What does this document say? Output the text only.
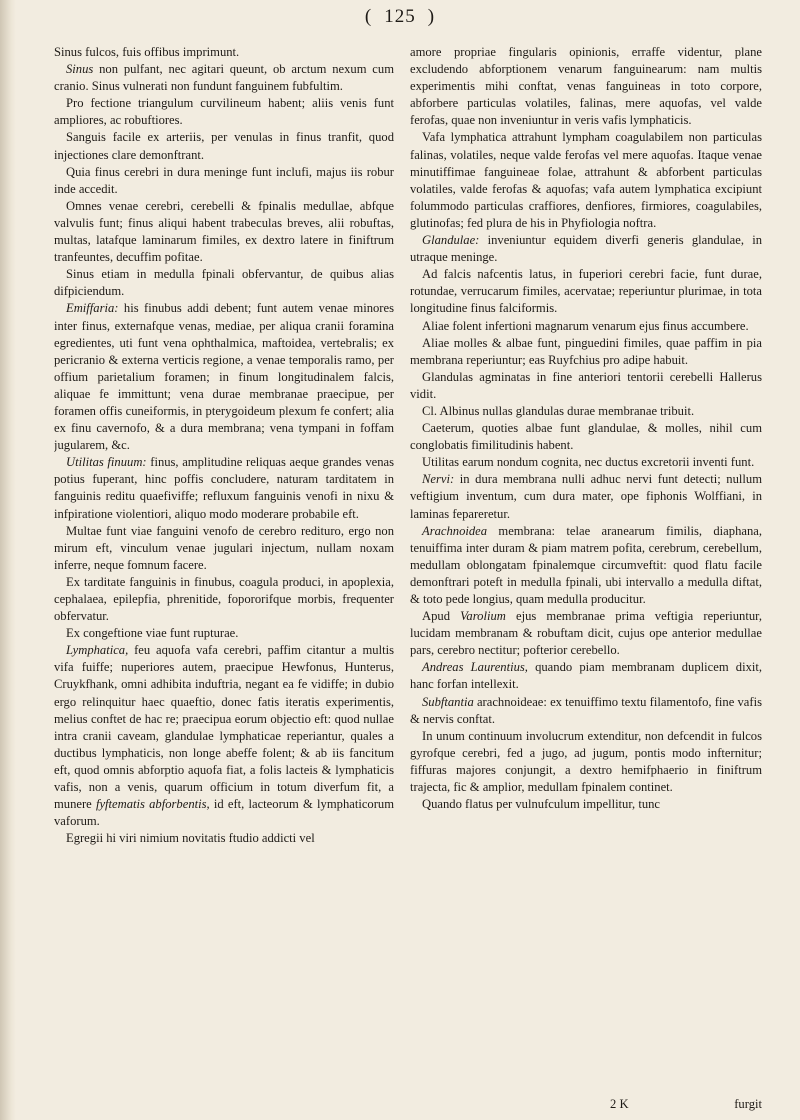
( 125 )

Sinus fulcos, fuis offibus imprimunt.

Sinus non pulfant, nec agitari queunt, ob arctum nexum cum cranio. Sinus vulnerati non fundunt fanguinem fubfultim.

Pro fectione triangulum curvilineum habent; aliis venis funt ampliores, ac robuftiores.

Sanguis facile ex arteriis, per venulas in finus tranfit, quod injectiones clare demonftrant.

Quia finus cerebri in dura meninge funt inclufi, majus iis robur inde accedit.

Omnes venae cerebri, cerebelli & fpinalis medullae, abfque valvulis funt; finus aliqui habent trabeculas breves, alii robuftas, multas, latafque laminarum fimiles, ex dextro latere in finiftrum tranfeuntes, decuffim pofitae.

Sinus etiam in medulla fpinali obfervantur, de quibus alias difpiciendum.

Emiffaria: his finubus addi debent; funt autem venae minores inter finus, externafque venas, mediae, per aliqua cranii foramina egredientes, uti funt vena ophthalmica, maftoidea, vertebralis; ex pericranio & externa verticis regione, a venae temporalis ramo, per offium parietalium foramen; in finum longitudinalem falcis, aliquae fe immittunt; vena durae membranae praecipue, per foramen offis cuneiformis, in pterygoideum plexum fe confert; alia ex finu cavernofo, & a dura membrana; vena tympani in foffam jugularem, &c.

Utilitas finuum: finus, amplitudine reliquas aeque grandes venas potius fuperant, hinc poffis concludere, naturam tarditatem in fanguinis reditu quaefiviffe; refluxum fanguinis venofi in nixu & infpiratione violentiori, aliquo modo moderare probabile eft.

Multae funt viae fanguini venofo de cerebro redituro, ergo non mirum eft, vinculum venae jugulari injectum, nullam noxam inferre, neque fomnum facere.

Ex tarditate fanguinis in finubus, coagula produci, in apoplexia, cephalaea, epilepfia, phrenitide, fopororifque morbis, frequenter obfervatur.

Ex congeftione viae funt rupturae.

Lymphatica, feu aquofa vafa cerebri, paffim citantur a multis vifa fuiffe; nuperiores autem, praecipue Hewfonus, Hunterus, Cruykfhank, omni adhibita induftria, negant ea fe vidiffe; in dubio ergo relinquitur haec quaeftio, donec fatis iteratis experimentis, melius conftet de hac re; praecipua eorum objectio eft: quod nullae intra cranii caveam, glandulae lymphaticae reperiantur, quales a ductibus lymphaticis, non longe abeffe folent; & ab iis fancitum eft, quod omnis abforptio aquofa fiat, a folis lacteis & lymphaticis vafis, non a venis, quarum officium in totum diverfum fit, a munere fyftematis abforbentis, id eft, lacteorum & lymphaticorum vaforum.

Egregii hi viri nimium novitatis ftudio addicti vel

amore propriae fingularis opinionis, erraffe videntur, plane excludendo abforptionem venarum fanguinearum: nam multis experimentis mihi conftat, venas fanguineas in toto corpore, abforbere particulas volatiles, falinas, mere aquofas, vel valde ferofas, quae non inveniuntur in veris vafis lymphaticis.

Vafa lymphatica attrahunt lympham coagulabilem non particulas falinas, volatiles, neque valde ferofas vel mere aquofas. Itaque venae minutiffimae fanguineae folae, attrahunt & abforbent particulas volatiles, valde ferofas & aquofas; vafa autem lymphatica excipiunt folummodo particulas craffiores, denfiores, firmiores, coagulabiles, glutinofas; fed plura de his in Phyfiologia noftra.

Glandulae: inveniuntur equidem diverfi generis glandulae, in utraque meninge.

Ad falcis nafcentis latus, in fuperiori cerebri facie, funt durae, rotundae, verrucarum fimiles, acervatae; reperiuntur plurimae, in tota longitudine finus falciformis.

Aliae folent infertioni magnarum venarum ejus finus accumbere.

Aliae molles & albae funt, pinguedini fimiles, quae paffim in pia membrana reperiuntur; eas Ruyfchius pro adipe habuit.

Glandulas agminatas in fine anteriori tentorii cerebelli Hallerus vidit.

Cl. Albinus nullas glandulas durae membranae tribuit.

Caeterum, quoties albae funt glandulae, & molles, nihil cum conglobatis fimilitudinis habent.

Utilitas earum nondum cognita, nec ductus excretorii inventi funt.

Nervi: in dura membrana nulli adhuc nervi funt detecti; nullum veftigium inventum, cum dura mater, ope fiphonis Wolffiani, in laminas fepareretur.

Arachnoidea membrana: telae aranearum fimilis, diaphana, tenuiffima inter duram & piam matrem pofita, cerebrum, cerebellum, medullam oblongatam fpinalemque circumveftit: quod flatu facile demonftrari poteft in medulla fpinali, ubi intervallo a medulla diftat, & toto pede longius, quam medulla producitur.

Apud Varolium ejus membranae prima veftigia reperiuntur, lucidam membranam & robuftam dicit, cujus ope anterior medullae pars, cerebro nectitur; pofterior cerebello.

Andreas Laurentius, quando piam membranam duplicem dixit, hanc forfan intellexit.

Subftantia arachnoideae: ex tenuiffimo textu filamentofo, fine vafis & nervis conftat.

In unum continuum involucrum extenditur, non defcendit in fulcos gyrofque cerebri, fed a jugo, ad jugum, pontis modo infternitur; fiffuras majores conjungit, a dextro hemifphaerio in finiftrum trajecta, fic & amplior, medullam fpinalem continet.

Quando flatus per vulnufculum impellitur, tunc

2 K	furgit
